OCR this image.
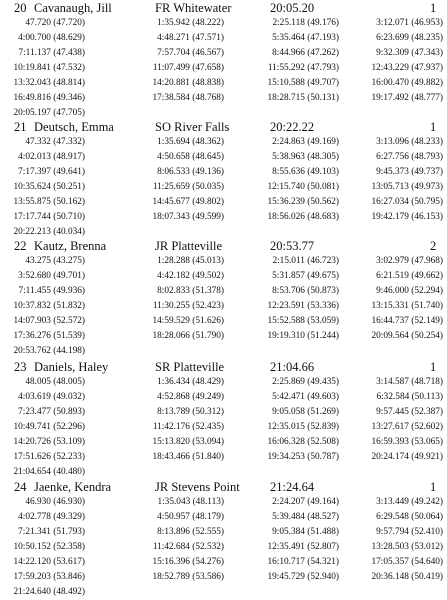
20 Cavanaugh, Jill	FR Whitewater	20:05.20	1
47.720 (47.720)	1:35.942 (48.222)	2:25.118 (49.176)	3:12.071 (46.953)
4:00.700 (48.629)	4:48.271 (47.571)	5:35.464 (47.193)	6:23.699 (48.235)
7:11.137 (47.438)	7:57.704 (46.567)	8:44.966 (47.262)	9:32.309 (47.343)
10:19.841 (47.532)	11:07.499 (47.658)	11:55.292 (47.793)	12:43.229 (47.937)
13:32.043 (48.814)	14:20.881 (48.838)	15:10.588 (49.707)	16:00.470 (49.882)
16:49.816 (49.346)	17:38.584 (48.768)	18:28.715 (50.131)	19:17.492 (48.777)
20:05.197 (47.705)
21 Deutsch, Emma	SO River Falls	20:22.22	1
47.332 (47.332)	1:35.694 (48.362)	2:24.863 (49.169)	3:13.096 (48.233)
4:02.013 (48.917)	4:50.658 (48.645)	5:38.963 (48.305)	6:27.756 (48.793)
7:17.397 (49.641)	8:06.533 (49.136)	8:55.636 (49.103)	9:45.373 (49.737)
10:35.624 (50.251)	11:25.659 (50.035)	12:15.740 (50.081)	13:05.713 (49.973)
13:55.875 (50.162)	14:45.677 (49.802)	15:36.239 (50.562)	16:27.034 (50.795)
17:17.744 (50.710)	18:07.343 (49.599)	18:56.026 (48.683)	19:42.179 (46.153)
20:22.213 (40.034)
22 Kautz, Brenna	JR Platteville	20:53.77	2
43.275 (43.275)	1:28.288 (45.013)	2:15.011 (46.723)	3:02.979 (47.968)
3:52.680 (49.701)	4:42.182 (49.502)	5:31.857 (49.675)	6:21.519 (49.662)
7:11.455 (49.936)	8:02.833 (51.378)	8:53.706 (50.873)	9:46.000 (52.294)
10:37.832 (51.832)	11:30.255 (52.423)	12:23.591 (53.336)	13:15.331 (51.740)
14:07.903 (52.572)	14:59.529 (51.626)	15:52.588 (53.059)	16:44.737 (52.149)
17:36.276 (51.539)	18:28.066 (51.790)	19:19.310 (51.244)	20:09.564 (50.254)
20:53.762 (44.198)
23 Daniels, Haley	SR Platteville	21:04.66	1
48.005 (48.005)	1:36.434 (48.429)	2:25.869 (49.435)	3:14.587 (48.718)
4:03.619 (49.032)	4:52.868 (49.249)	5:42.471 (49.603)	6:32.584 (50.113)
7:23.477 (50.893)	8:13.789 (50.312)	9:05.058 (51.269)	9:57.445 (52.387)
10:49.741 (52.296)	11:42.176 (52.435)	12:35.015 (52.839)	13:27.617 (52.602)
14:20.726 (53.109)	15:13.820 (53.094)	16:06.328 (52.508)	16:59.393 (53.065)
17:51.626 (52.233)	18:43.466 (51.840)	19:34.253 (50.787)	20:24.174 (49.921)
21:04.654 (40.480)
24 Jaenke, Kendra	JR Stevens Point 21:24.64	1
46.930 (46.930)	1:35.043 (48.113)	2:24.207 (49.164)	3:13.449 (49.242)
4:02.778 (49.329)	4:50.957 (48.179)	5:39.484 (48.527)	6:29.548 (50.064)
7:21.341 (51.793)	8:13.896 (52.555)	9:05.384 (51.488)	9:57.794 (52.410)
10:50.152 (52.358)	11:42.684 (52.532)	12:35.491 (52.807)	13:28.503 (53.012)
14:22.120 (53.617)	15:16.396 (54.276)	16:10.717 (54.321)	17:05.357 (54.640)
17:59.203 (53.846)	18:52.789 (53.586)	19:45.729 (52.940)	20:36.148 (50.419)
21:24.640 (48.492)
